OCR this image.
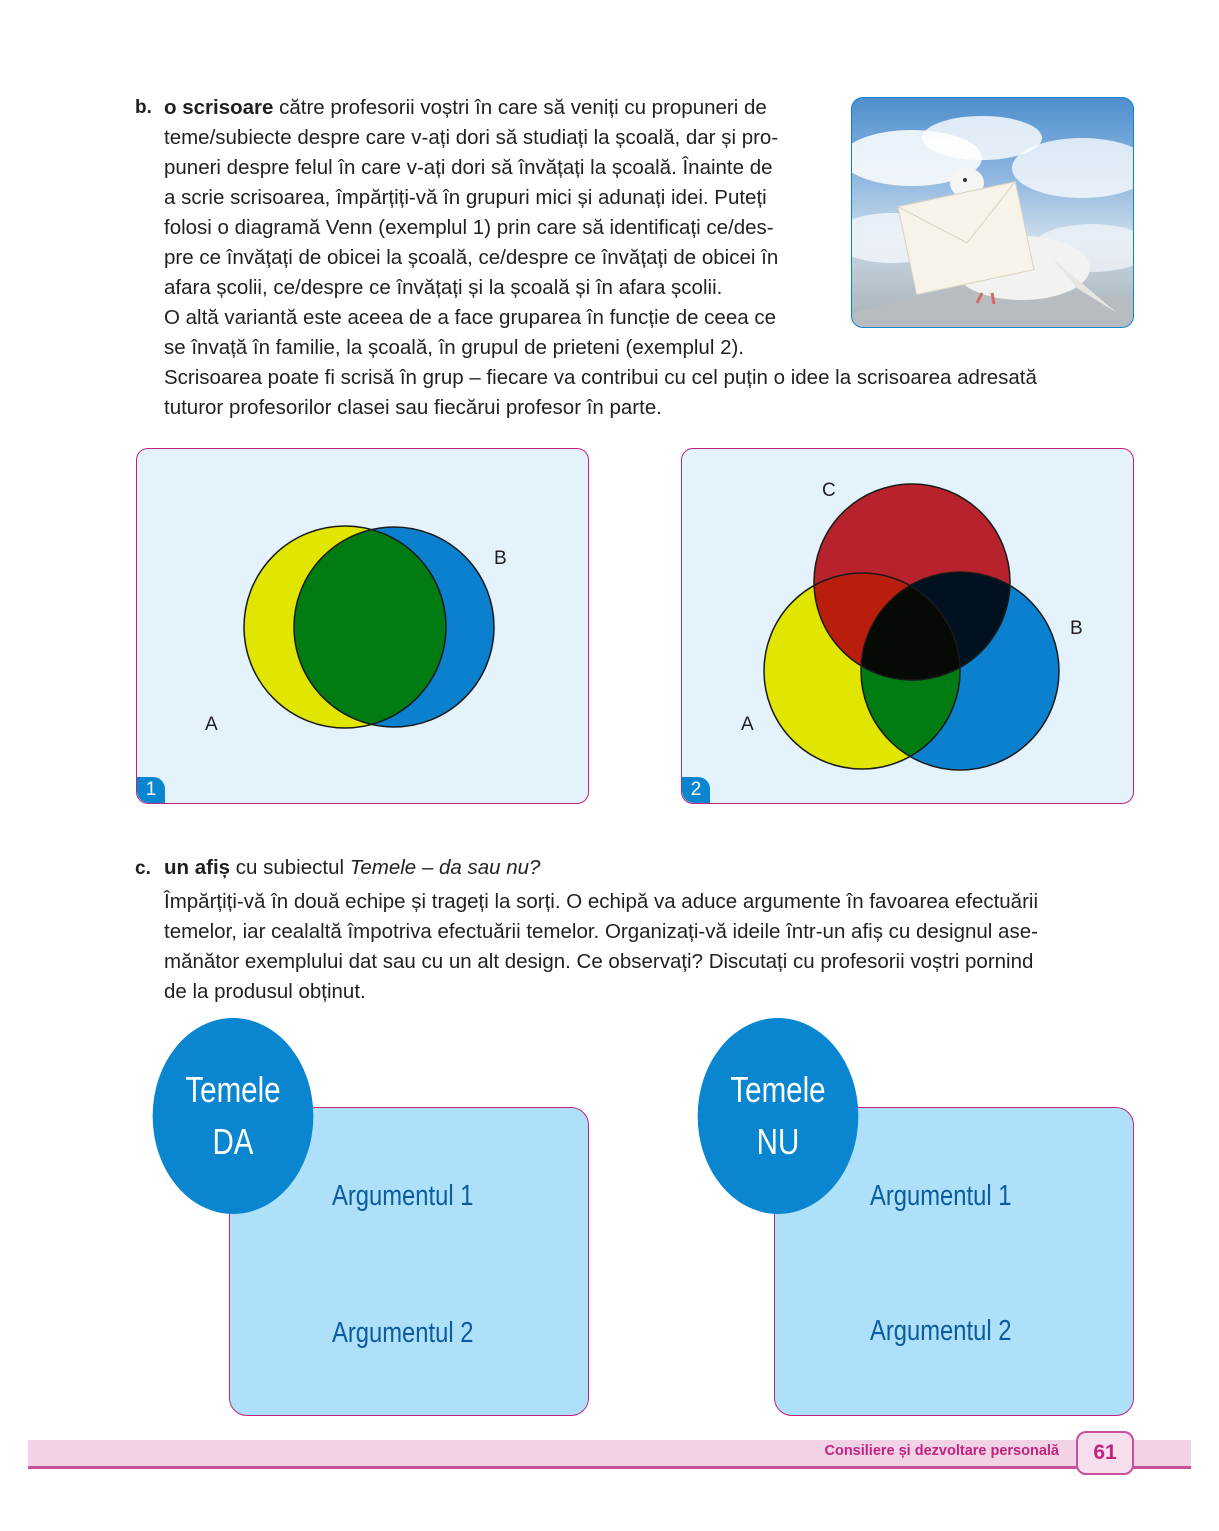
b. o scrisoare către profesorii voștri în care să veniți cu propuneri de

teme/subiecte despre care v-ați dori să studiați la școală, dar și pro-

puneri despre felul în care v-ați dori să învățați la școală. Înainte de

a scrie scrisoarea, împărțiți-vă în grupuri mici și adunați idei. Puteți

folosi o diagramă Venn (exemplul 1) prin care să identificați ce/des-

pre ce învățați de obicei la școală, ce/despre ce învățați de obicei în

afara școlii, ce/despre ce învățați și la școală și în afara școlii.

O altă variantă este aceea de a face gruparea în funcție de ceea ce

se învață în familie, la școală, în grupul de prieteni (exemplul 2).

Scrisoarea poate fi scrisă în grup – fiecare va contribui cu cel puțin o idee la scrisoarea adresată

tuturor profesorilor clasei sau fiecărui profesor în parte.

A
B
1
A
B
C
2
c. un afiș cu subiectul Temele – da sau nu?

Împărțiți-vă în două echipe și trageți la sorți. O echipă va aduce argumente în favoarea efectuării

temelor, iar cealaltă împotriva efectuării temelor. Organizați-vă ideile într-un afiș cu designul ase-

mănător exemplului dat sau cu un alt design. Ce observați? Discutați cu profesorii voștri pornind

de la produsul obținut.

Temele
DA
Argumentul 1
Argumentul 2
Temele
NU
Argumentul 1
Argumentul 2
Consiliere și dezvoltare personală	61
